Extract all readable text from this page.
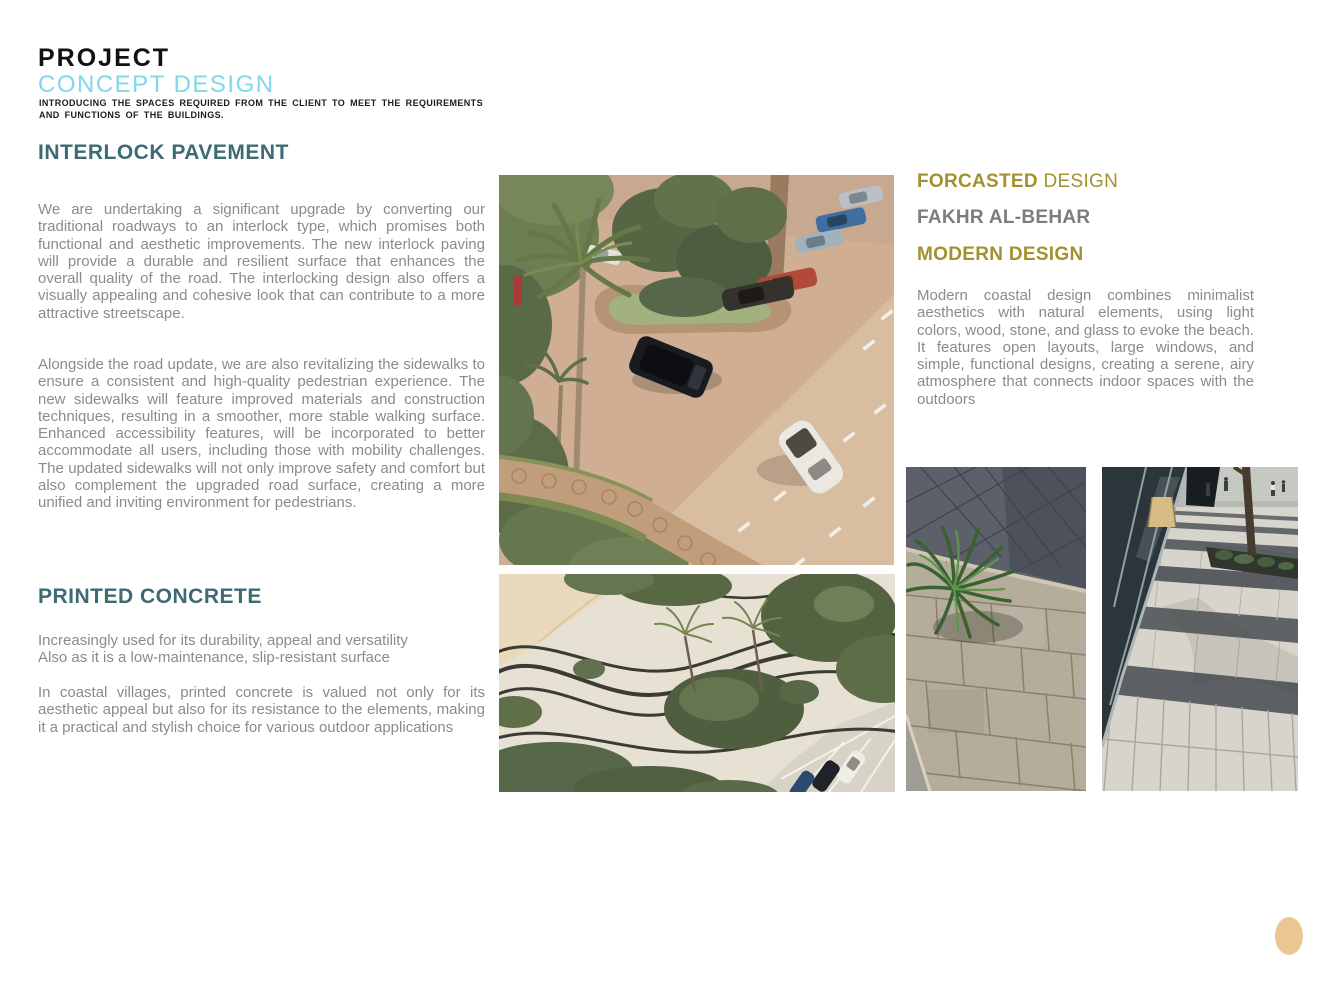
PROJECT
CONCEPT DESIGN
INTRODUCING THE SPACES REQUIRED FROM THE CLIENT TO MEET THE REQUIREMENTS
AND FUNCTIONS OF THE BUILDINGS.
INTERLOCK PAVEMENT
We are undertaking a significant upgrade by converting our traditional roadways to an interlock type, which promises both functional and aesthetic improvements. The new interlock paving will provide a durable and resilient surface that enhances the overall quality of the road. The interlocking design also offers a visually appealing and cohesive look that can contribute to a more attractive streetscape.
Alongside the road update, we are also revitalizing the sidewalks to ensure a consistent and high-quality pedestrian experience. The new sidewalks will feature improved materials and construction techniques, resulting in a smoother, more stable walking surface. Enhanced accessibility features, will be incorporated to better accommodate all users, including those with mobility challenges. The updated sidewalks will not only improve safety and comfort but also complement the upgraded road surface, creating a more unified and inviting environment for pedestrians.
PRINTED CONCRETE
Increasingly used for its durability, appeal and versatility
Also as it is a low-maintenance, slip-resistant surface
In coastal villages, printed concrete is valued not only for its aesthetic appeal but also for its resistance to the elements, making it a practical and stylish choice for various outdoor applications
FORCASTED DESIGN
FAKHR AL-BEHAR
MODERN DESIGN
Modern coastal design combines minimalist aesthetics with natural elements, using light colors, wood, stone, and glass to evoke the beach. It features open layouts, large windows, and simple, functional designs, creating a serene, airy atmosphere that connects indoor spaces with the outdoors
